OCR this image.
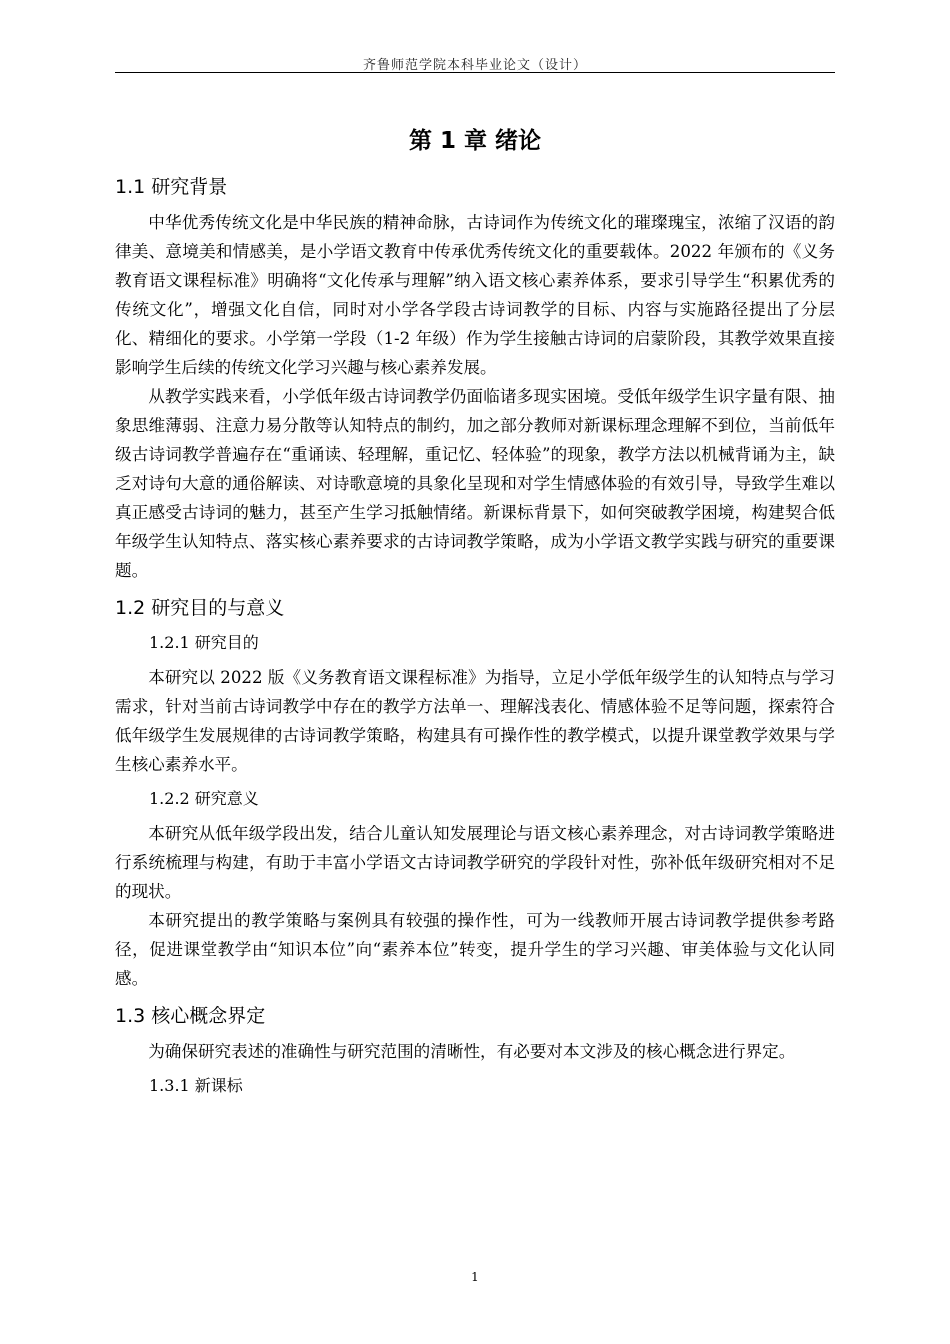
齐鲁师范学院本科毕业论文（设计）
第 1 章 绪论
1.1 研究背景

中华优秀传统文化是中华民族的精神命脉，古诗词作为传统文化的璀璨瑰宝，浓缩了汉语的韵律美、意境美和情感美，是小学语文教育中传承优秀传统文化的重要载体。2022 年颁布的《义务教育语文课程标准》明确将“文化传承与理解”纳入语文核心素养体系，要求引导学生“积累优秀的传统文化”，增强文化自信，同时对小学各学段古诗词教学的目标、内容与实施路径提出了分层化、精细化的要求。小学第一学段（1-2 年级）作为学生接触古诗词的启蒙阶段，其教学效果直接影响学生后续的传统文化学习兴趣与核心素养发展。

从教学实践来看，小学低年级古诗词教学仍面临诸多现实困境。受低年级学生识字量有限、抽象思维薄弱、注意力易分散等认知特点的制约，加之部分教师对新课标理念理解不到位，当前低年级古诗词教学普遍存在“重诵读、轻理解，重记忆、轻体验”的现象，教学方法以机械背诵为主，缺乏对诗句大意的通俗解读、对诗歌意境的具象化呈现和对学生情感体验的有效引导，导致学生难以真正感受古诗词的魅力，甚至产生学习抵触情绪。新课标背景下，如何突破教学困境，构建契合低年级学生认知特点、落实核心素养要求的古诗词教学策略，成为小学语文教学实践与研究的重要课题。

1.2 研究目的与意义
1.2.1 研究目的

本研究以 2022 版《义务教育语文课程标准》为指导，立足小学低年级学生的认知特点与学习需求，针对当前古诗词教学中存在的教学方法单一、理解浅表化、情感体验不足等问题，探索符合低年级学生发展规律的古诗词教学策略，构建具有可操作性的教学模式，以提升课堂教学效果与学生核心素养水平。

1.2.2 研究意义

本研究从低年级学段出发，结合儿童认知发展理论与语文核心素养理念，对古诗词教学策略进行系统梳理与构建，有助于丰富小学语文古诗词教学研究的学段针对性，弥补低年级研究相对不足的现状。

本研究提出的教学策略与案例具有较强的操作性，可为一线教师开展古诗词教学提供参考路径，促进课堂教学由“知识本位”向“素养本位”转变，提升学生的学习兴趣、审美体验与文化认同感。

1.3 核心概念界定

为确保研究表述的准确性与研究范围的清晰性，有必要对本文涉及的核心概念进行界定。

1.3.1 新课标
1
